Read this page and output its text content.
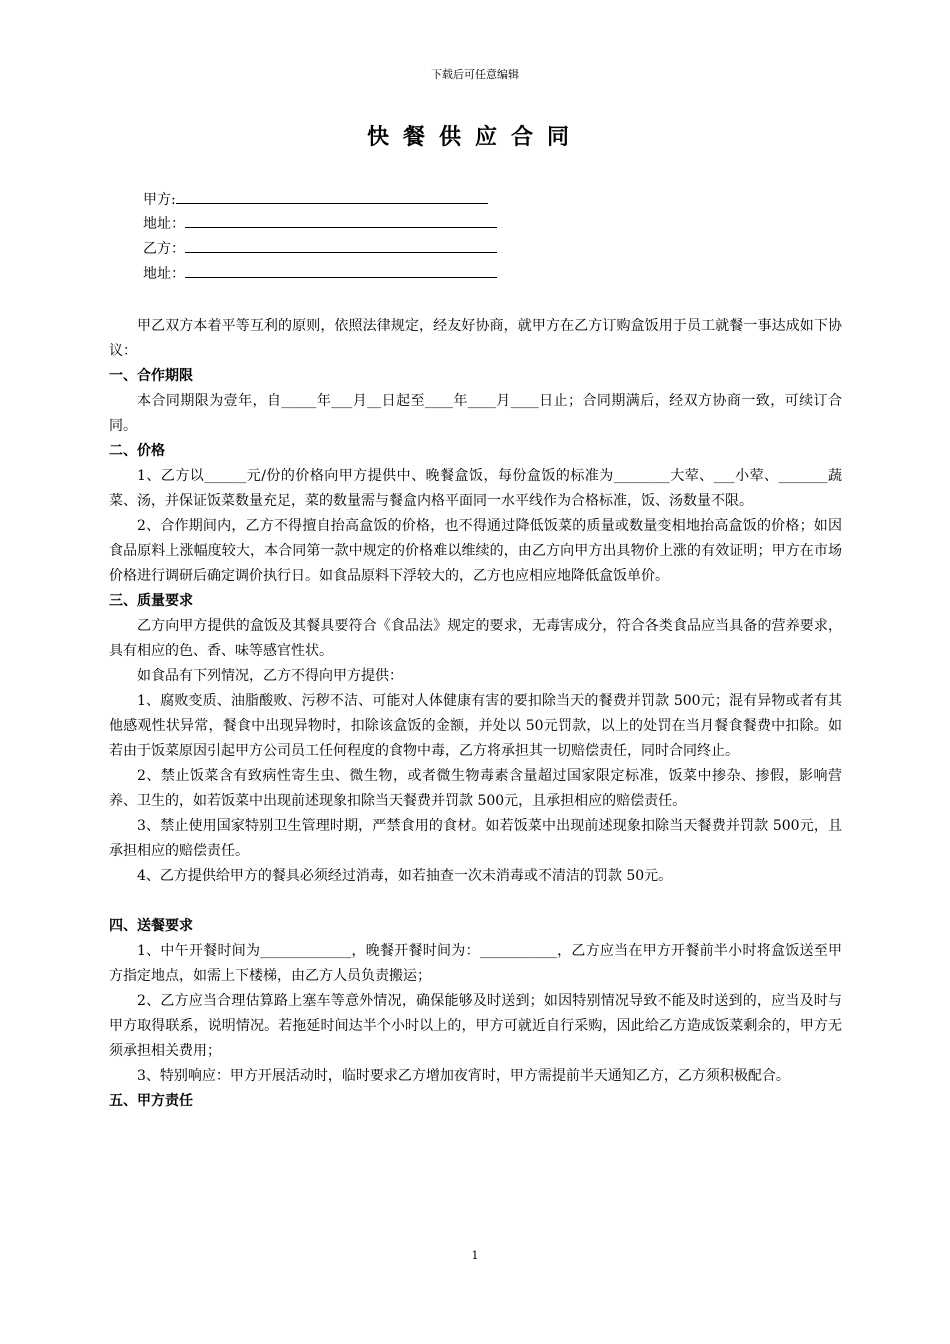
下载后可任意编辑
快餐供应合同
甲方:
地址：
乙方：
地址：

甲乙双方本着平等互利的原则，依照法律规定，经友好协商，就甲方在乙方订购盒饭用于员工就餐一事达成如下协议：

一、合作期限

本合同期限为壹年，自_____年___月__日起至____年____月____日止；合同期满后，经双方协商一致，可续订合同。

二、价格

1、乙方以______元/份的价格向甲方提供中、晚餐盒饭，每份盒饭的标准为________大荤、___小荤、_______蔬菜、汤，并保证饭菜数量充足，菜的数量需与餐盒内格平面同一水平线作为合格标准，饭、汤数量不限。

2、合作期间内，乙方不得擅自抬高盒饭的价格，也不得通过降低饭菜的质量或数量变相地抬高盒饭的价格；如因食品原料上涨幅度较大，本合同第一款中规定的价格难以维续的，由乙方向甲方出具物价上涨的有效证明；甲方在市场价格进行调研后确定调价执行日。如食品原料下浮较大的，乙方也应相应地降低盒饭单价。

三、质量要求

乙方向甲方提供的盒饭及其餐具要符合《食品法》规定的要求，无毒害成分，符合各类食品应当具备的营养要求，具有相应的色、香、味等感官性状。

如食品有下列情况，乙方不得向甲方提供：

1、腐败变质、油脂酸败、污秽不洁、可能对人体健康有害的要扣除当天的餐费并罚款 500元；混有异物或者有其他感观性状异常，餐食中出现异物时，扣除该盒饭的金额，并处以 50元罚款，以上的处罚在当月餐食餐费中扣除。如若由于饭菜原因引起甲方公司员工任何程度的食物中毒，乙方将承担其一切赔偿责任，同时合同终止。

2、禁止饭菜含有致病性寄生虫、微生物，或者微生物毒素含量超过国家限定标准，饭菜中掺杂、掺假，影响营养、卫生的，如若饭菜中出现前述现象扣除当天餐费并罚款 500元，且承担相应的赔偿责任。

3、禁止使用国家特别卫生管理时期，严禁食用的食材。如若饭菜中出现前述现象扣除当天餐费并罚款 500元，且承担相应的赔偿责任。

4、乙方提供给甲方的餐具必须经过消毒，如若抽查一次未消毒或不清洁的罚款 50元。

四、送餐要求

1、中午开餐时间为_____________，晚餐开餐时间为：___________，乙方应当在甲方开餐前半小时将盒饭送至甲方指定地点，如需上下楼梯，由乙方人员负责搬运；

2、乙方应当合理估算路上塞车等意外情况，确保能够及时送到；如因特别情况导致不能及时送到的，应当及时与甲方取得联系，说明情况。若拖延时间达半个小时以上的，甲方可就近自行采购，因此给乙方造成饭菜剩余的，甲方无须承担相关费用；

3、特别响应：甲方开展活动时，临时要求乙方增加夜宵时，甲方需提前半天通知乙方，乙方须积极配合。

五、甲方责任

1
